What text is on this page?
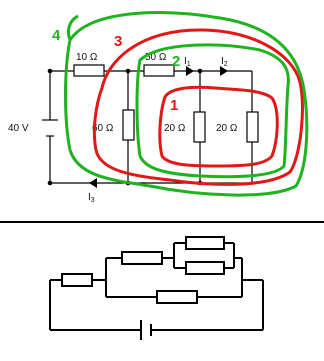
40 V
10 Ω	50 Ω
60 Ω	20 Ω	20 Ω
$I_1$	$I_2$
$I_3$
1
2
3
4
